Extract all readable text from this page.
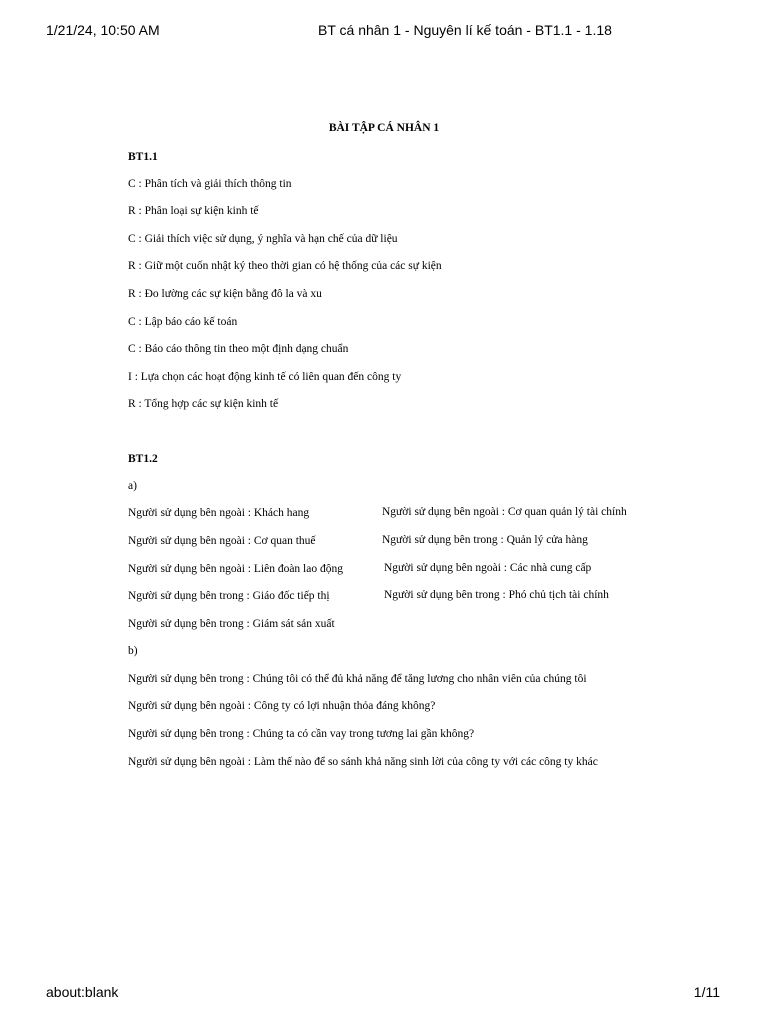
1/21/24, 10:50 AM	BT cá nhân 1 - Nguyên lí kế toán - BT1.1 - 1.18
BÀI TẬP CÁ NHÂN 1
BT1.1
C : Phân tích và giải thích thông tin
R : Phân loại sự kiện kinh tế
C : Giải thích việc sử dụng, ý nghĩa và hạn chế của dữ liệu
R : Giữ một cuốn nhật ký theo thời gian có hệ thống của các sự kiện
R : Đo lường các sự kiện bằng đô la và xu
C : Lập báo cáo kế toán
C : Báo cáo thông tin theo một định dạng chuẩn
I : Lựa chọn các hoạt động kinh tế có liên quan đến công ty
R : Tổng hợp các sự kiện kinh tế
BT1.2
a)
Người sử dụng bên ngoài : Khách hang	Người sử dụng bên ngoài : Cơ quan quản lý tài chính
Người sử dụng bên ngoài : Cơ quan thuế	Người sử dụng bên trong : Quản lý cửa hàng
Người sử dụng bên ngoài : Liên đoàn lao động	Người sử dụng bên ngoài : Các nhà cung cấp
Người sử dụng bên trong : Giáo đốc tiếp thị	Người sử dụng bên trong : Phó chủ tịch tài chính
Người sử dụng bên trong : Giám sát sản xuất
b)
Người sử dụng bên trong : Chúng tôi có thể đủ khả năng để tăng lương cho nhân viên của chúng tôi
Người sử dụng bên ngoài : Công ty có lợi nhuận thỏa đáng không?
Người sử dụng bên trong : Chúng ta có cần vay trong tương lai gần không?
Người sử dụng bên ngoài : Làm thế nào để so sánh khả năng sinh lời của công ty với các công ty khác
about:blank	1/11
